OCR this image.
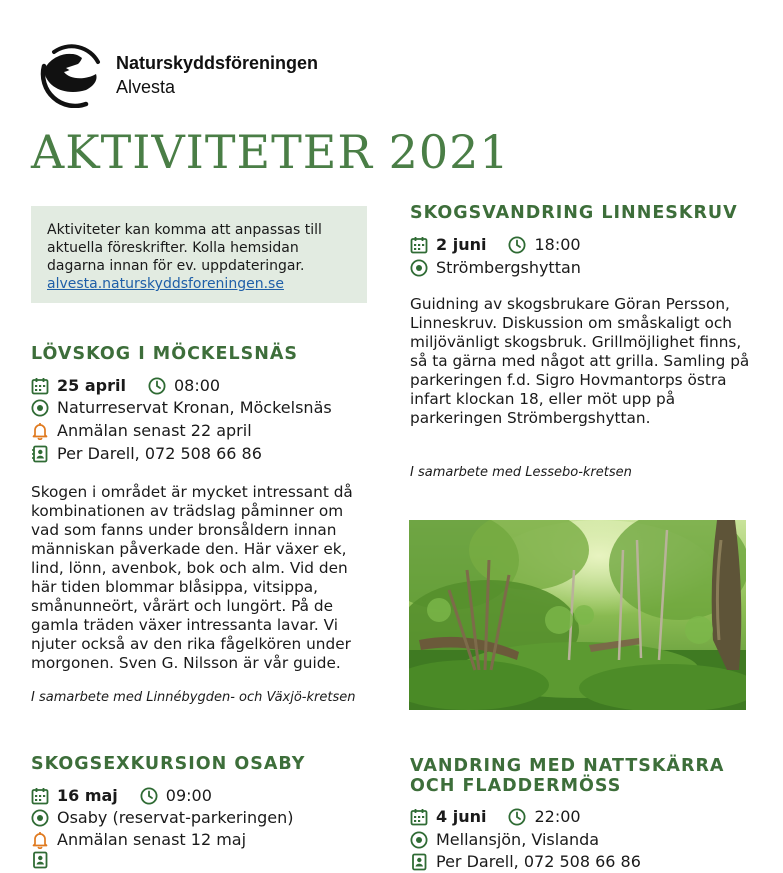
Naturskyddsföreningen
Alvesta
AKTIVITETER 2021
Aktiviteter kan komma att anpassas till aktuella föreskrifter. Kolla hemsidan dagarna innan för ev. uppdateringar.
alvesta.naturskyddsforeningen.se
LÖVSKOG I MÖCKELSNÄS
25 april	08:00
Naturreservat Kronan, Möckelsnäs
Anmälan senast 22 april
Per Darell, 072 508 66 86
Skogen i området är mycket intressant då kombinationen av trädslag påminner om vad som fanns under bronsåldern innan människan påverkade den. Här växer ek, lind, lönn, avenbok, bok och alm. Vid den här tiden blommar blåsippa, vitsippa, smånunneört, vårärt och lungört. På de gamla träden växer intressanta lavar. Vi njuter också av den rika fågelkören under morgonen. Sven G. Nilsson är vår guide.
I samarbete med Linnébygden- och Växjö-kretsen
SKOGSEXKURSION OSABY
16 maj	09:00
Osaby (reservat-parkeringen)
Anmälan senast 12 maj
SKOGSVANDRING LINNESKRUV
2 juni	18:00
Strömbergshyttan
Guidning av skogsbrukare Göran Persson, Linneskruv. Diskussion om småskaligt och miljövänligt skogsbruk. Grillmöjlighet finns, så ta gärna med något att grilla. Samling på parkeringen f.d. Sigro Hovmantorps östra infart klockan 18, eller möt upp på parkeringen Strömbergshyttan.
I samarbete med Lessebo-kretsen
VANDRING MED NATTSKÄRRA
OCH FLADDERMÖSS
4 juni	22:00
Mellansjön, Vislanda
Per Darell, 072 508 66 86
